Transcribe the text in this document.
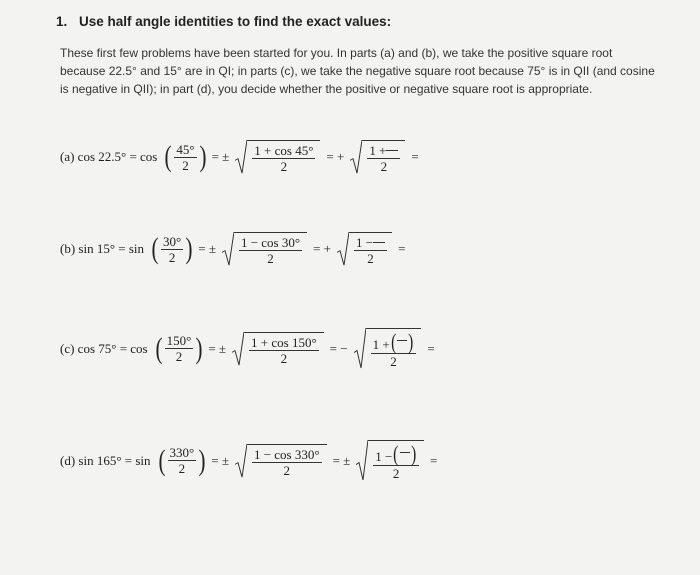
1. Use half angle identities to find the exact values:
These first few problems have been started for you. In parts (a) and (b), we take the positive square root because 22.5° and 15° are in QI; in parts (c), we take the negative square root because 75° is in QII (and cosine is negative in QII); in part (d), you decide whether the positive or negative square root is appropriate.
(a) cos 22.5° = cos ( $\frac{45^\circ}{2}$ ) = ± $\frac{1 + \cos 45^\circ}{2}$ = + $\frac{1 +}{2}$ =
(b) sin 15° = sin ( $\frac{30^\circ}{2}$ ) = ± $\frac{1 - \cos 30^\circ}{2}$ = + $\frac{1 -}{2}$ =
(c) cos 75° = cos ( $\frac{150^\circ}{2}$ ) = ± $\frac{1 + \cos 150^\circ}{2}$ = − $\frac{1 + ( )}{2}$ =
(d) sin 165° = sin ( $\frac{330^\circ}{2}$ ) = ± $\frac{1 - \cos 330^\circ}{2}$ = ± $\frac{1 - ( )}{2}$ =
